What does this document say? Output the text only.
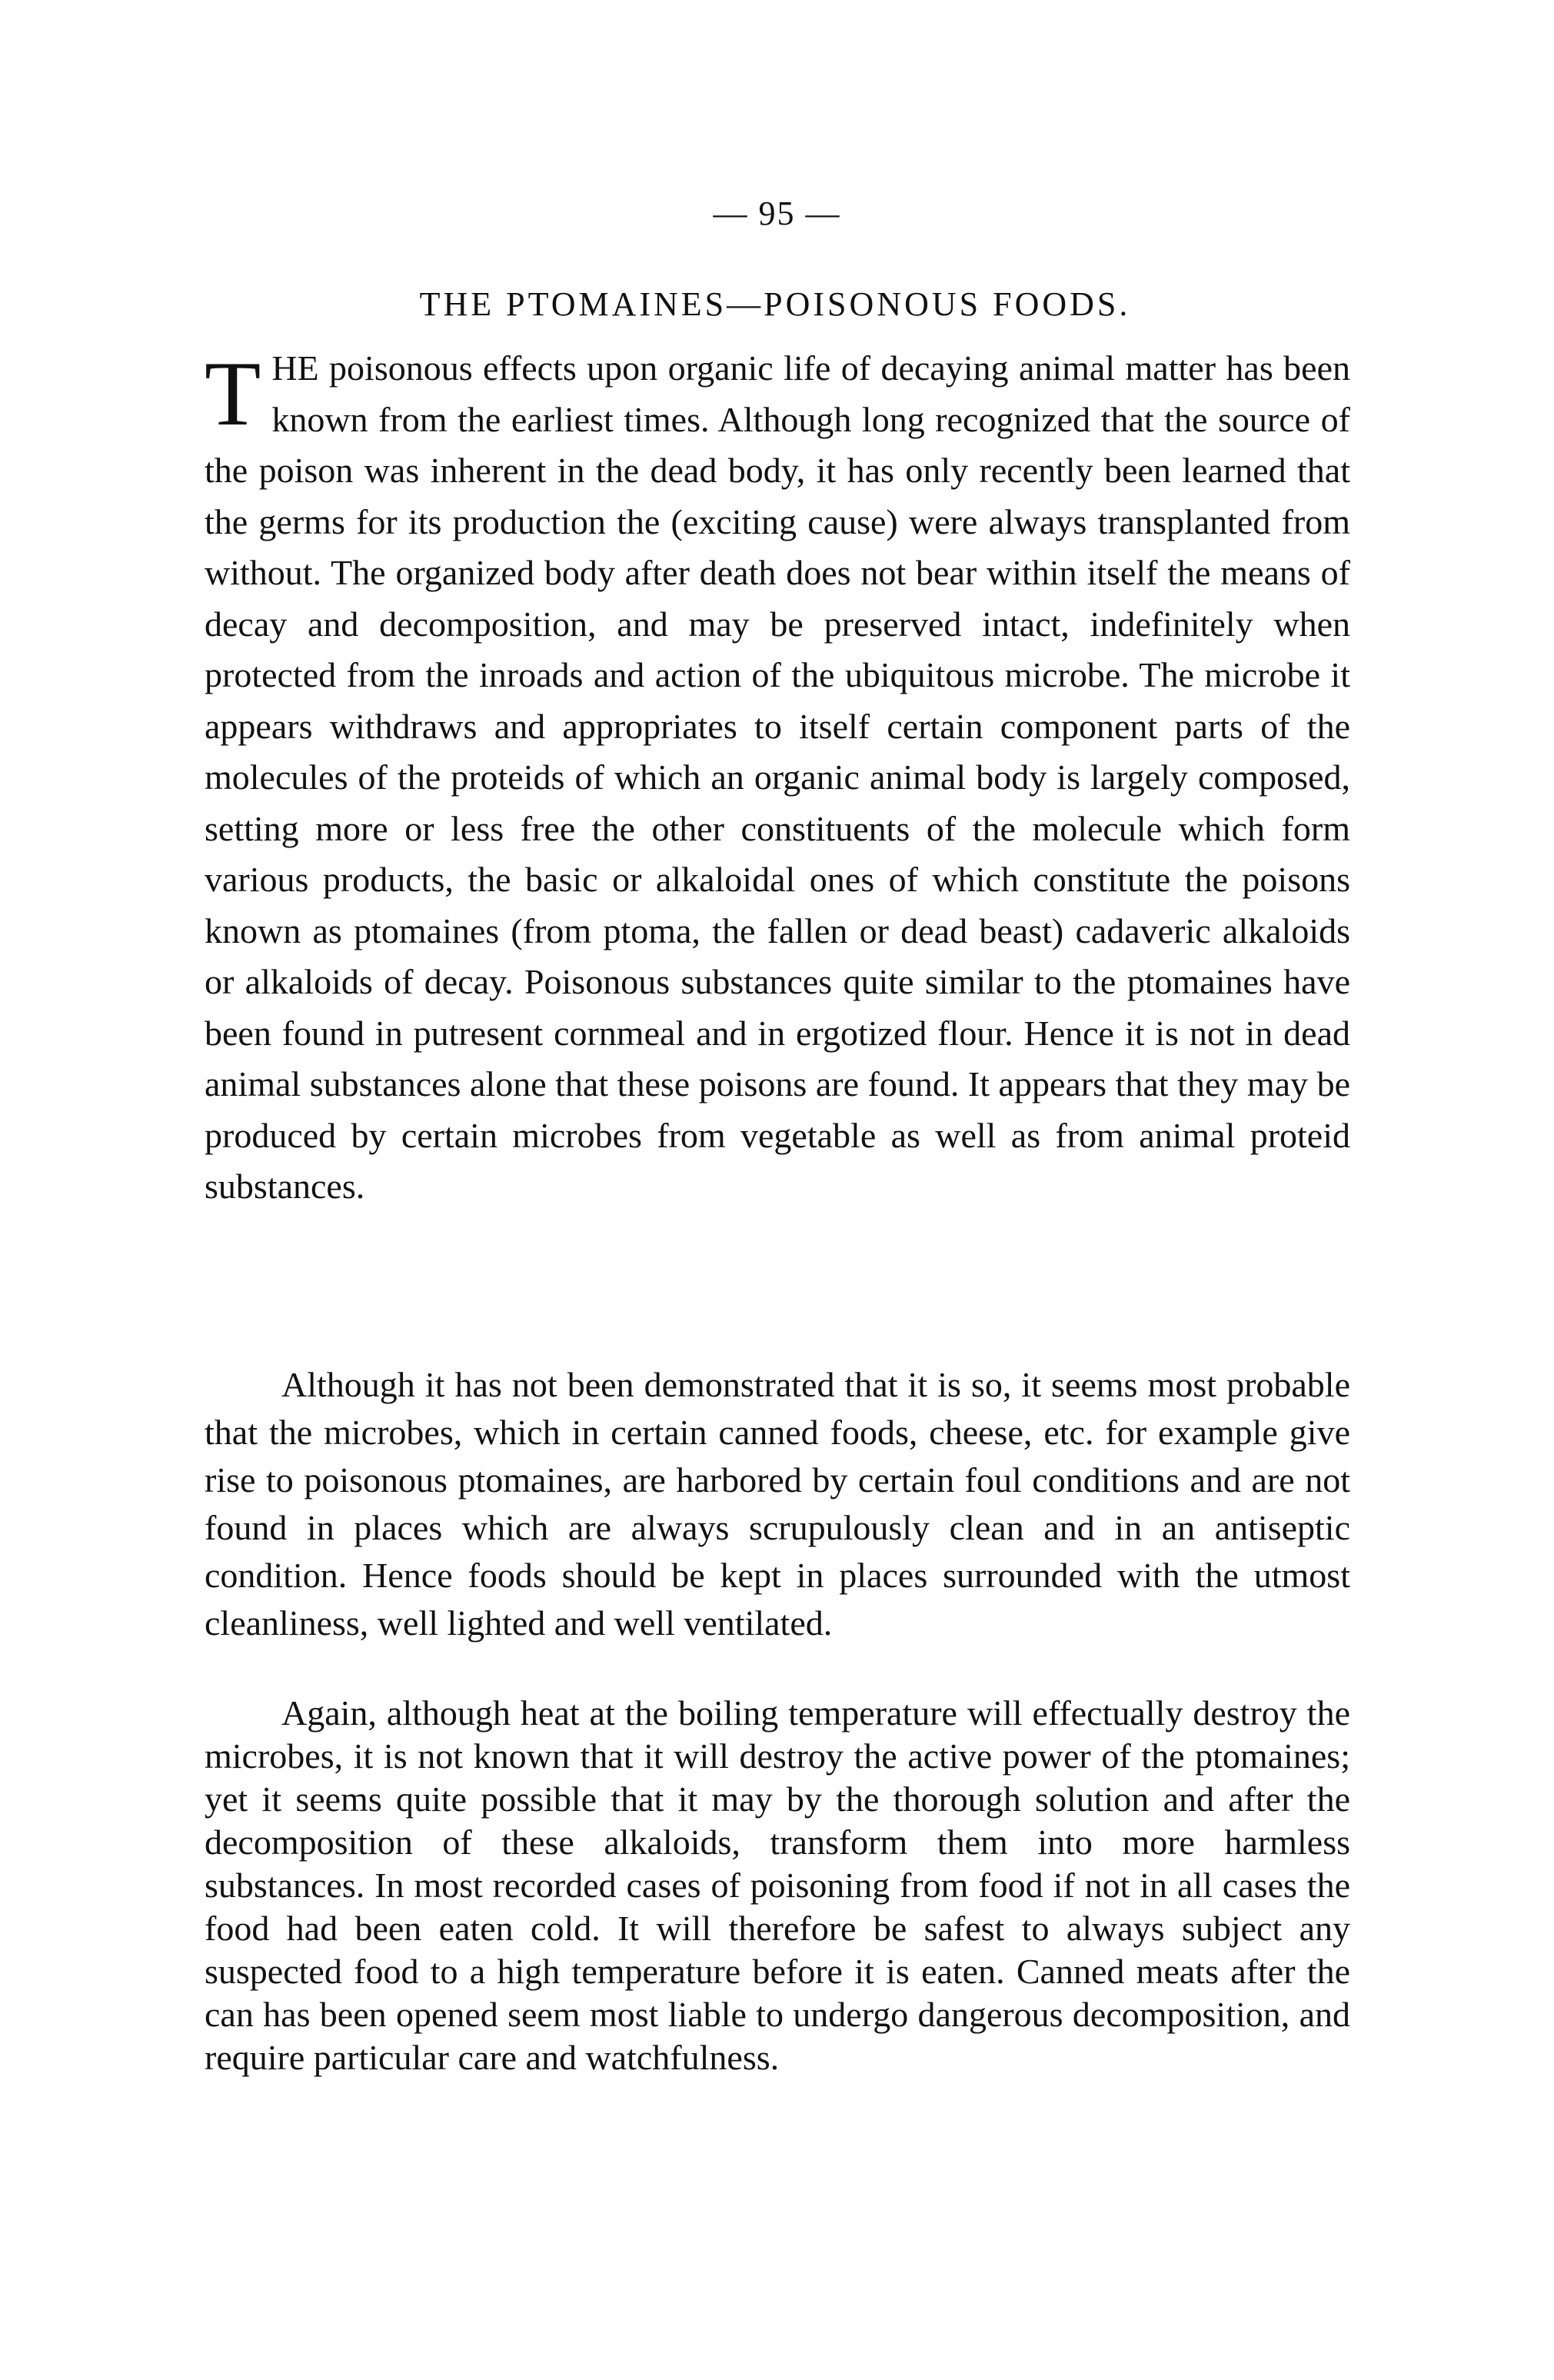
— 95 —
THE PTOMAINES—POISONOUS FOODS.

THE poisonous effects upon organic life of decaying animal matter has been known from the earliest times. Although long recognized that the source of the poison was inherent in the dead body, it has only recently been learned that the germs for its production the (exciting cause) were always transplanted from without. The organized body after death does not bear within itself the means of decay and decomposition, and may be preserved intact, indefinitely when protected from the inroads and action of the ubiquitous microbe. The microbe it appears withdraws and appropriates to itself certain component parts of the molecules of the proteids of which an organic animal body is largely composed, setting more or less free the other constituents of the molecule which form various products, the basic or alkaloidal ones of which constitute the poisons known as ptomaines (from ptoma, the fallen or dead beast) cadaveric alkaloids or alkaloids of decay. Poisonous substances quite similar to the ptomaines have been found in putresent cornmeal and in ergotized flour. Hence it is not in dead animal substances alone that these poisons are found. It appears that they may be produced by certain microbes from vegetable as well as from animal proteid substances.

Although it has not been demonstrated that it is so, it seems most probable that the microbes, which in certain canned foods, cheese, etc. for example give rise to poisonous ptomaines, are harbored by certain foul conditions and are not found in places which are always scrupulously clean and in an antiseptic condition. Hence foods should be kept in places surrounded with the utmost cleanliness, well lighted and well ventilated.

Again, although heat at the boiling temperature will effectually destroy the microbes, it is not known that it will destroy the active power of the ptomaines; yet it seems quite possible that it may by the thorough solution and after the decomposition of these alkaloids, transform them into more harmless substances. In most recorded cases of poisoning from food if not in all cases the food had been eaten cold. It will therefore be safest to always subject any suspected food to a high temperature before it is eaten. Canned meats after the can has been opened seem most liable to undergo dangerous decomposition, and require particular care and watchfulness.
